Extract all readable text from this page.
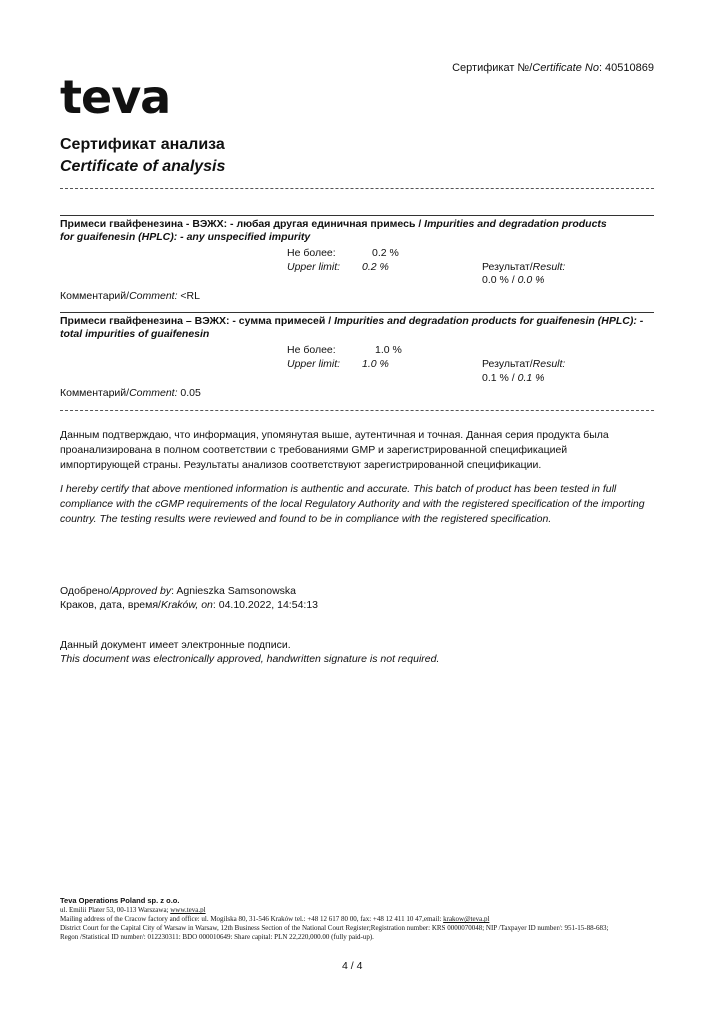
Сертификат №/Certificate No: 40510869
teva
Сертификат анализа
Certificate of analysis
Примеси гвайфенезина - ВЭЖХ: - любая другая единичная примесь / Impurities and degradation products for guaifenesin (HPLC): - any unspecified impurity
Не более:	0.2 %
Upper limit: 0.2 %	Результат/Result:
0.0 % / 0.0 %
Комментарий/Comment: <RL
Примеси гвайфенезина – ВЭЖХ: - сумма примесей / Impurities and degradation products for guaifenesin (HPLC): - total impurities of guaifenesin
Не более:	1.0 %
Upper limit: 1.0 %	Результат/Result:
0.1 % / 0.1 %
Комментарий/Comment: 0.05
Данным подтверждаю, что информация, упомянутая выше, аутентичная и точная. Данная серия продукта была проанализирована в полном соответствии с требованиями GMP и зарегистрированной спецификацией импортирующей страны. Результаты анализов соответствуют зарегистрированной спецификации.
I hereby certify that above mentioned information is authentic and accurate. This batch of product has been tested in full compliance with the cGMP requirements of the local Regulatory Authority and with the registered specification of the importing country. The testing results were reviewed and found to be in compliance with the registered specification.
Одобрено/Approved by: Agnieszka Samsonowska
Краков, дата, время/Kraków, on: 04.10.2022, 14:54:13
Данный документ имеет электронные подписи.
This document was electronically approved, handwritten signature is not required.
Teva Operations Poland sp. z o.o.
ul. Emilii Plater 53, 00-113 Warszawa; www.teva.pl
Mailing address of the Cracow factory and office: ul. Mogilska 80, 31-546 Kraków tel.: +48 12 617 80 00, fax: +48 12 411 10 47,email: krakow@teva.pl
District Court for the Capital City of Warsaw in Warsaw, 12th Business Section of the National Court Register;Registration number: KRS 0000070048; NIP /Taxpayer ID number/: 951-15-88-683; Regon /Statistical ID number/: 012230311: BDO 000010649: Share capital: PLN 22,220,000.00 (fully paid-up).
4 / 4
